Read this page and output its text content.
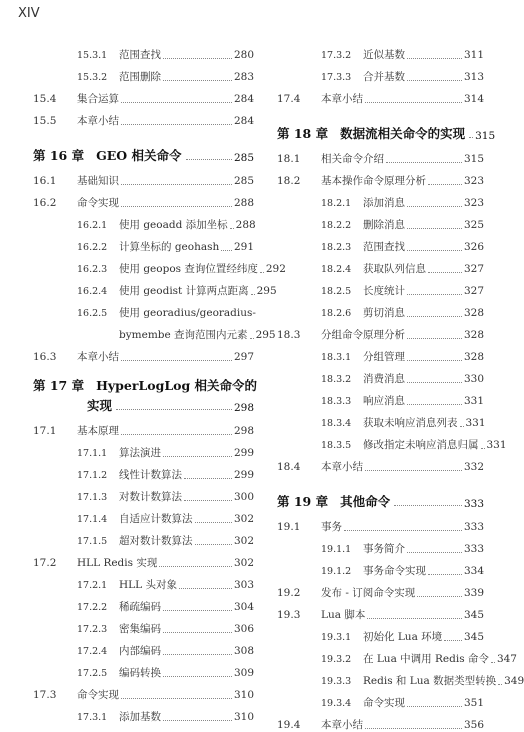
XIV
15.3.1	范围查找	280
15.3.2	范围删除	283
15.4	集合运算	284
15.5	本章小结	284
第 16 章 GEO 相关命令	285
16.1	基础知识	285
16.2	命令实现	288
16.2.1	使用 geoadd 添加坐标 288
16.2.2	计算坐标的 geohash 291
16.2.3	使用 geopos 查询位置经纬度 292
16.2.4	使用 geodist 计算两点距离 295
16.2.5	使用 georadius/georadius-
bymembe 查询范围内元素 295
16.3	本章小结	297
第 17 章 HyperLogLog 相关命令的
实现	298
17.1	基本原理	298
17.1.1	算法演进	299
17.1.2	线性计数算法	299
17.1.3	对数计数算法	300
17.1.4	自适应计数算法	302
17.1.5	超对数计数算法	302
17.2	HLL Redis 实现	302
17.2.1	HLL 头对象	303
17.2.2	稀疏编码	304
17.2.3	密集编码	306
17.2.4	内部编码	308
17.2.5	编码转换	309
17.3	命令实现	310
17.3.1	添加基数	310
17.3.2	近似基数	311
17.3.3	合并基数	313
17.4	本章小结	314
第 18 章 数据流相关命令的实现 315
18.1	相关命令介绍	315
18.2	基本操作命令原理分析	323
18.2.1	添加消息	323
18.2.2	删除消息	325
18.2.3	范围查找	326
18.2.4	获取队列信息	327
18.2.5	长度统计	327
18.2.6	剪切消息	328
18.3	分组命令原理分析	328
18.3.1	分组管理	328
18.3.2	消费消息	330
18.3.3	响应消息	331
18.3.4	获取未响应消息列表 331
18.3.5	修改指定未响应消息归属 331
18.4	本章小结	332
第 19 章 其他命令	333
19.1	事务	333
19.1.1	事务简介	333
19.1.2	事务命令实现	334
19.2	发布 - 订阅命令实现	339
19.3	Lua 脚本	345
19.3.1	初始化 Lua 环境 345
19.3.2	在 Lua 中调用 Redis 命令 347
19.3.3	Redis 和 Lua 数据类型转换 349
19.3.4	命令实现	351
19.4	本章小结	356
